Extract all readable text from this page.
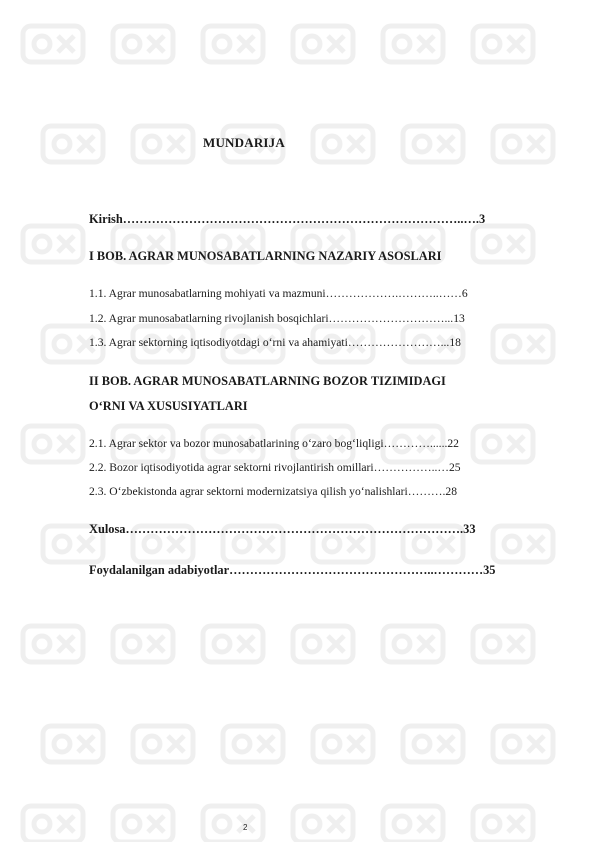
MUNDARIJA
Kirish………………………………………………………………………..….3
I BOB. AGRAR MUNOSABATLARNING NAZARIY ASOSLARI
1.1. Agrar munosabatlarning mohiyati va mazmuni……………….………..……6
1.2. Agrar munosabatlarning rivojlanish bosqichlari…………………………...13
1.3. Agrar sektorning iqtisodiyotdagi o‘rni va ahamiyati……………………...18
II BOB. AGRAR MUNOSABATLARNING BOZOR TIZIMIDAGI
O‘RNI VA XUSUSIYATLARI
2.1. Agrar sektor va bozor munosabatlarining o‘zaro bog‘liqligi…………......22
2.2. Bozor iqtisodiyotida agrar sektorni rivojlantirish omillari……………..…25
2.3. O‘zbekistonda agrar sektorni modernizatsiya qilish yo‘nalishlari……….28
Xulosa……………………………………………………………………….33
Foydalanilgan adabiyotlar…………………………………………..…………35
2
